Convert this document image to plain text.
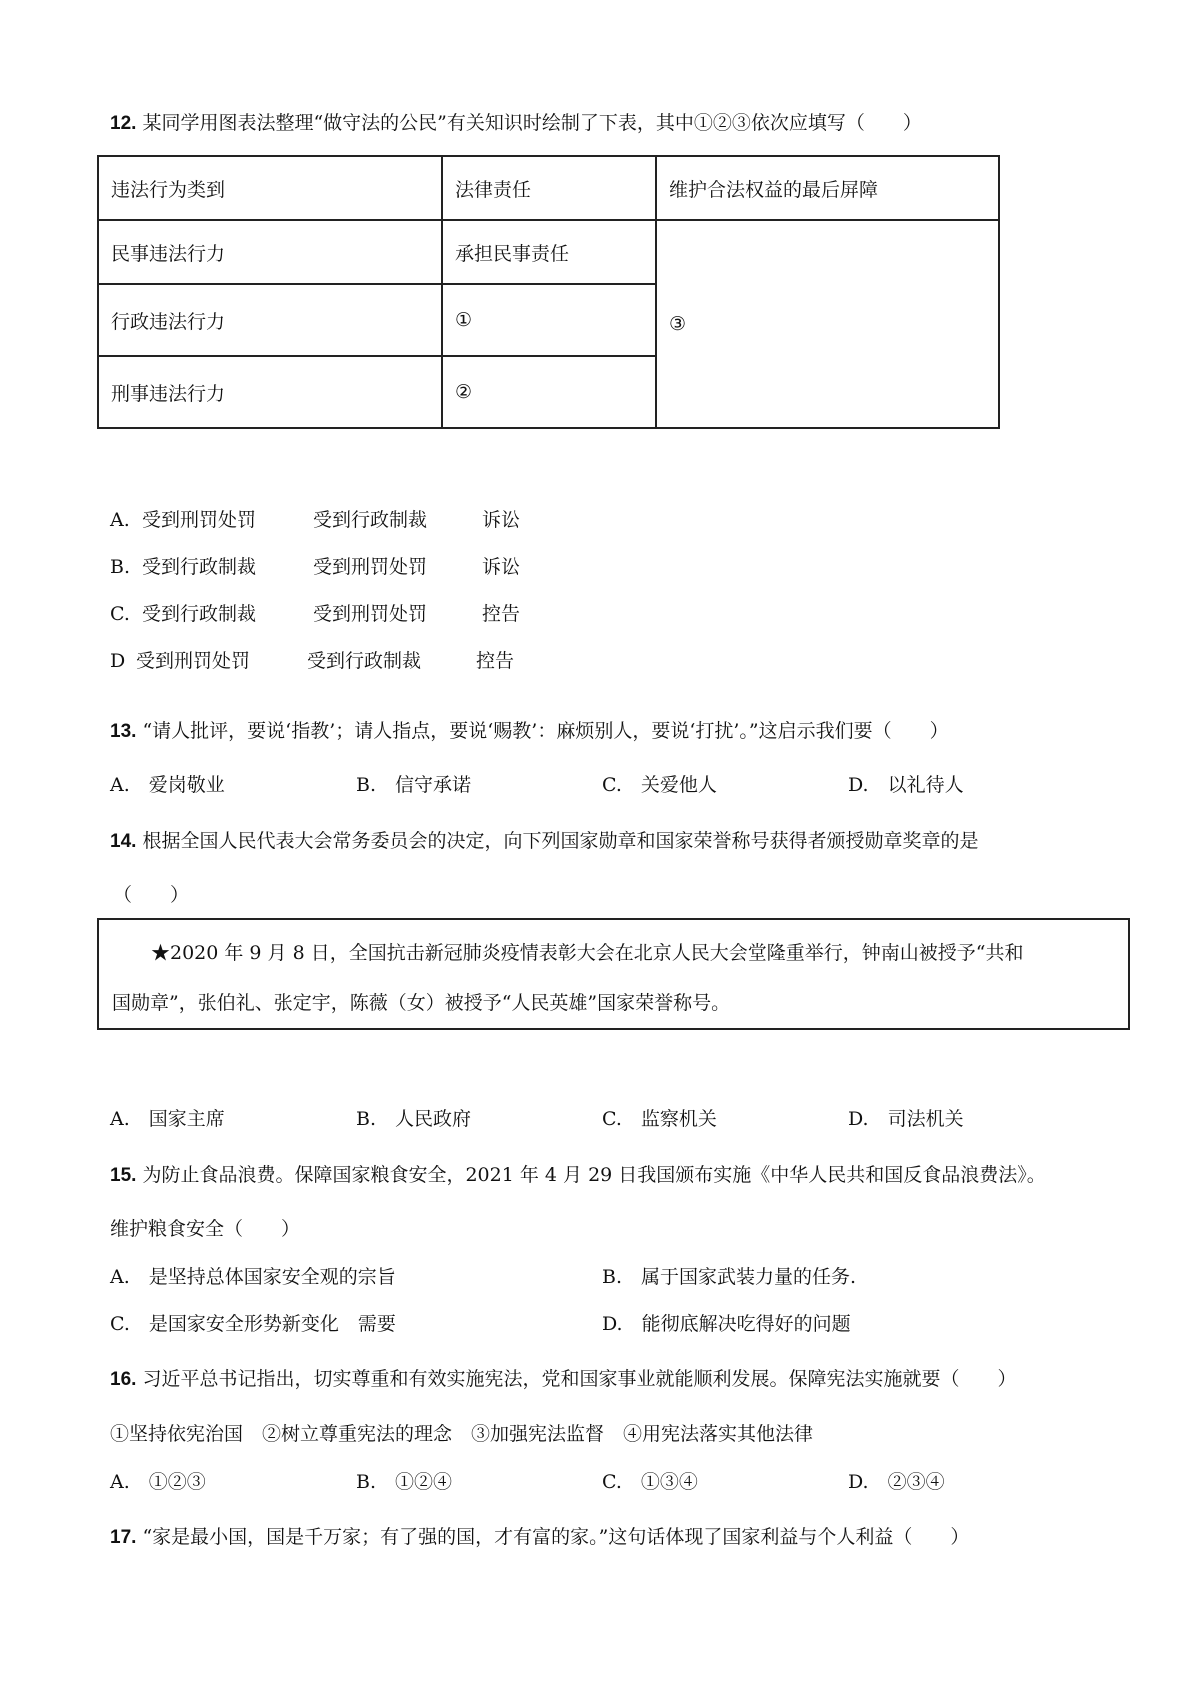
12. 某同学用图表法整理“做守法的公民”有关知识时绘制了下表，其中①②③依次应填写（　　）
违法行为类到	法律责任	维护合法权益的最后屏障
民事违法行力	承担民事责任	③
行政违法行力	①	
刑事违法行力	②	
A. 受到刑罚处罚	受到行政制裁	诉讼
B. 受到行政制裁	受到刑罚处罚	诉讼
C. 受到行政制裁	受到刑罚处罚	控告
D 受到刑罚处罚	受到行政制裁	控告
13. “请人批评，要说‘指教’；请人指点，要说‘赐教’：麻烦别人，要说‘打扰’。”这启示我们要（　　）
A.　爱岗敬业	B.　信守承诺	C.　关爱他人	D.　以礼待人
14. 根据全国人民代表大会常务委员会的决定，向下列国家勋章和国家荣誉称号获得者颁授勋章奖章的是
（　　）
★2020 年 9 月 8 日，全国抗击新冠肺炎疫情表彰大会在北京人民大会堂隆重举行，钟南山被授予“共和
国勋章”，张伯礼、张定宇，陈薇（女）被授予“人民英雄”国家荣誉称号。
A.　国家主席	B.　人民政府	C.　监察机关	D.　司法机关
15. 为防止食品浪费。保障国家粮食安全，2021 年 4 月 29 日我国颁布实施《中华人民共和国反食品浪费法》。
维护粮食安全（　　）
A.　是坚持总体国家安全观的宗旨	B.　属于国家武装力量的任务.
C.　是国家安全形势新变化　需要	D.　能彻底解决吃得好的问题
16. 习近平总书记指出，切实尊重和有效实施宪法，党和国家事业就能顺利发展。保障宪法实施就要（　　）
①坚持依宪治国　②树立尊重宪法的理念　③加强宪法监督　④用宪法落实其他法律
A.　①②③	B.　①②④	C.　①③④	D.　②③④
17. “家是最小国，国是千万家；有了强的国，才有富的家。”这句话体现了国家利益与个人利益（　　）
